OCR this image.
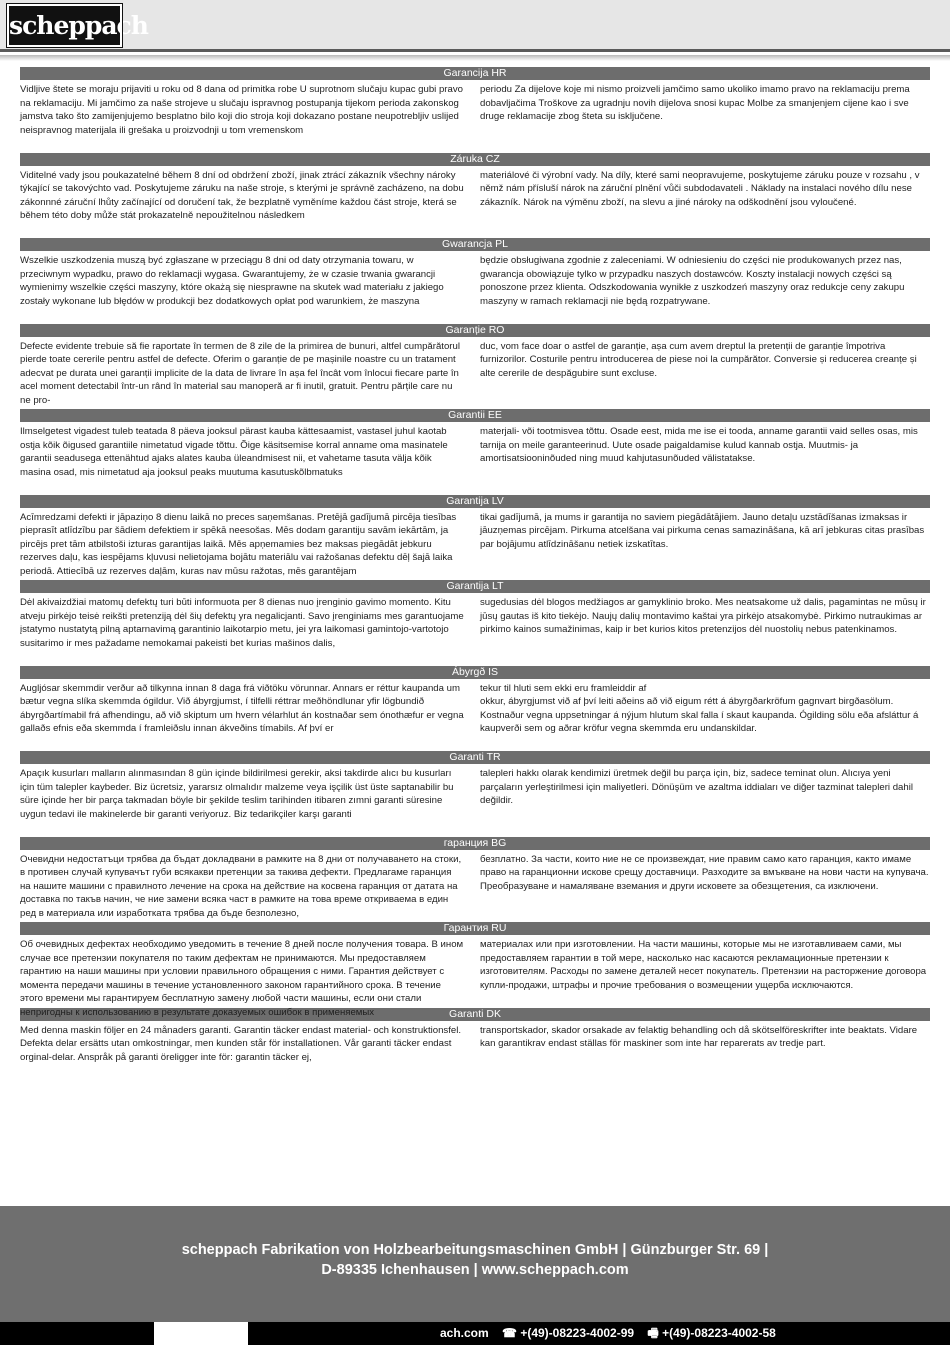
scheppach
Garancija HR

Vidljive štete se moraju prijaviti u roku od 8 dana od primitka robe U suprotnom slučaju kupac gubi pravo na reklamaciju. Mi jamčimo za naše strojeve u slučaju ispravnog postupanja tijekom perioda zakonskog jamstva tako što zamijenjujemo besplatno bilo koji dio stroja koji dokazano postane neupotrebljiv uslijed neispravnog materijala ili grešaka u proizvodnji u tom vremenskom

periodu Za dijelove koje mi nismo proizveli jamčimo samo ukoliko imamo pravo na reklamaciju prema dobavljačima Troškove za ugradnju novih dijelova snosi kupac Molbe za smanjenjem cijene kao i sve druge reklamacije zbog šteta su isključene.

Záruka CZ

Viditelné vady jsou poukazatelné během 8 dní od obdržení zboží, jinak ztrácí zákazník všechny nároky týkající se takovýchto vad. Poskytujeme záruku na naše stroje, s kterými je správně zacházeno, na dobu zákonnné záruční lhůty začínající od doručení tak, že bezplatně vyměníme každou část stroje, která se během této doby může stát prokazatelně nepoužitelnou následkem

materiálové či výrobní vady. Na díly, které sami neopravujeme, poskytujeme záruku pouze v rozsahu , v němž nám přísluší nárok na záruční plnění vůči subdodavateli . Náklady na instalaci nového dílu nese zákazník. Nárok na výměnu zboží, na slevu a jiné nároky na odškodnění jsou vyloučené.

Gwarancja PL

Wszelkie uszkodzenia muszą być zgłaszane w przeciągu 8 dni od daty otrzymania towaru, w przeciwnym wypadku, prawo do reklamacji wygasa. Gwarantujemy, że w czasie trwania gwarancji wymienimy wszelkie części maszyny, które okażą się niesprawne na skutek wad materiału z jakiego zostały wykonane lub błędów w produkcji bez dodatkowych opłat pod warunkiem, że maszyna

będzie obsługiwana zgodnie z zaleceniami. W odniesieniu do części nie produkowanych przez nas, gwarancja obowiązuje tylko w przypadku naszych dostawców. Koszty instalacji nowych części są ponoszone przez klienta. Odszkodowania wynikłe z uszkodzeń maszyny oraz redukcje ceny zakupu maszyny w ramach reklamacji nie będą rozpatrywane.

Garanție RO

Defecte evidente trebuie să fie raportate în termen de 8 zile de la primirea de bunuri, altfel cumpărătorul pierde toate cererile pentru astfel de defecte. Oferim o garanție de pe mașinile noastre cu un tratament adecvat pe durata unei garanții implicite de la data de livrare în așa fel încât vom înlocui fiecare parte în acel moment detectabil într-un rând în material sau manoperă ar fi inutil, gratuit. Pentru părțile care nu ne pro-

duc, vom face doar o astfel de garanție, așa cum avem dreptul la pretenții de garanție împotriva furnizorilor. Costurile pentru introducerea de piese noi la cumpărător. Conversie și reducerea creanțe și alte cererile de despăgubire sunt excluse.

Garantii EE

Ilmselgetest vigadest tuleb teatada 8 päeva jooksul pärast kauba kättesaamist, vastasel juhul kaotab ostja kõik õigused garantiile nimetatud vigade tõttu. Õige käsitsemise korral anname oma masinatele garantii seadusega ettenähtud ajaks alates kauba üleandmisest nii, et vahetame tasuta välja kõik masina osad, mis nimetatud aja jooksul peaks muutuma kasutuskõlbmatuks

materjali- või tootmisvea tõttu. Osade eest, mida me ise ei tooda, anname garantii vaid selles osas, mis tarnija on meile garanteerinud. Uute osade paigaldamise kulud kannab ostja. Muutmis- ja amortisatsiooninõuded ning muud kahjutasunõuded välistatakse.

Garantija LV

Acīmredzami defekti ir jāpaziņo 8 dienu laikā no preces saņemšanas. Pretējā gadījumā pircēja tiesības pieprasīt atlīdzību par šādiem defektiem ir spēkā neesošas. Mēs dodam garantiju savām iekārtām, ja pircējs pret tām atbilstoši izturas garantijas laikā. Mēs apņemamies bez maksas piegādāt jebkuru rezerves daļu, kas iespējams kļuvusi nelietojama bojātu materiālu vai ražošanas defektu dēļ šajā laika periodā. Attiecībā uz rezerves daļām, kuras nav mūsu ražotas, mēs garantējam

tikai gadījumā, ja mums ir garantija no saviem piegādātājiem. Jauno detaļu uzstādīšanas izmaksas ir jāuzņemas pircējam. Pirkuma atcelšana vai pirkuma cenas samazināšana, kā arī jebkuras citas prasības par bojājumu atlīdzināšanu netiek izskatītas.

Garantija LT

Dėl akivaizdžiai matomų defektų turi būti informuota per 8 dienas nuo įrenginio gavimo momento. Kitu atveju pirkėjo teisė reikšti pretenziją dėl šių defektų yra negalicjanti. Savo įrenginiams mes garantuojame įstatymo nustatytą pilną aptarnavimą garantinio laikotarpio metu, jei yra laikomasi gamintojo-vartotojo susitarimo ir mes pažadame nemokamai pakeisti bet kurias mašinos dalis,

sugedusias dėl blogos medžiagos ar gamyklinio broko. Mes neatsakome už dalis, pagamintas ne mūsų ir jūsų gautas iš kito tiekėjo. Naujų dalių montavimo kaštai yra pirkėjo atsakomybė. Pirkimo nutraukimas ar pirkimo kainos sumažinimas, kaip ir bet kurios kitos pretenzijos dėl nuostolių nebus patenkinamos.

Ábyrgð IS

Augljósar skemmdir verður að tilkynna innan 8 daga frá viðtöku vörunnar. Annars er réttur kaupanda um bætur vegna slíka skemmda ógildur. Við ábyrgjumst, í tilfelli réttrar meðhöndlunar yfir lögbundið ábyrgðartímabil frá afhendingu, að við skiptum um hvern vélarhlut án kostnaðar sem ónothæfur er vegna gallaðs efnis eða skemmda í framleiðslu innan ákveðins tímabils. Af því er

tekur til hluti sem ekki eru framleiddir af

okkur, ábyrgjumst við af því leiti aðeins að við eigum rétt á ábyrgðarkröfum gagnvart birgðasölum. Kostnaður vegna uppsetningar á nýjum hlutum skal falla í skaut kaupanda. Ógilding sölu eða afsláttur á kaupverði sem og aðrar kröfur vegna skemmda eru undanskildar.

Garanti TR

Apaçık kusurları malların alınmasından 8 gün içinde bildirilmesi gerekir, aksi takdirde alıcı bu kusurları için tüm talepler kaybeder. Biz ücretsiz, yararsız olmalıdır malzeme veya işçilik üst üste saptanabilir bu süre içinde her bir parça takmadan böyle bir şekilde teslim tarihinden itibaren zımni garanti süresine uygun tedavi ile makinelerde bir garanti veriyoruz. Biz tedarikçiler karşı garanti

talepleri hakkı olarak kendimizi üretmek değil bu parça için, biz, sadece teminat olun. Alıcıya yeni parçaların yerleştirilmesi için maliyetleri. Dönüşüm ve azaltma iddiaları ve diğer tazminat talepleri dahil değildir.

гаранция BG

Очевидни недостатъци трябва да бъдат докладвани в рамките на 8 дни от получаването на стоки, в противен случай купувачът губи всякакви претенции за такива дефекти. Предлагаме гаранция на нашите машини с правилното лечение на срока на действие на косвена гаранция от датата на доставка по такъв начин, че ние замени всяка част в рамките на това време откриваема в един ред в материала или изработката трябва да бъде безполезно,

безплатно. За части, които ние не се произвеждат, ние правим само като гаранция, както имаме право на гаранционни искове срещу доставчици. Разходите за вмъкване на нови части на купувача. Преобразуване и намаляване вземания и други исковете за обезщетения, са изключени.

Гарантия RU

Об очевидных дефектах необходимо уведомить в течение 8 дней после получения товара. В ином случае все претензии покупателя по таким дефектам не принимаются. Мы предоставляем гарантию на наши машины при условии правильного обращения с ними. Гарантия действует с момента передачи машины в течение установленного законом гарантийного срока. В течение этого времени мы гарантируем бесплатную замену любой части машины, если они стали непригодны к использованию в результате доказуемых ошибок в применяемых

материалах или при изготовлении. На части машины, которые мы не изготавливаем сами, мы предоставляем гарантии в той мере, насколько нас касаются рекламационные претензии к изготовителям. Расходы по замене деталей несет покупатель. Претензии на расторжение договора купли-продажи, штрафы и прочие требования о возмещении ущерба исключаются.

Garanti DK

Med denna maskin följer en 24 månaders garanti. Garantin täcker endast material- och konstruktionsfel. Defekta delar ersätts utan omkostningar, men kunden står för installationen. Vår garanti täcker endast orginal-delar. Anspråk på garanti öreligger inte för: garantin täcker ej,

transportskador, skador orsakade av felaktig behandling och då skötselföreskrifter inte beaktats. Vidare kan garantikrav endast ställas för maskiner som inte har reparerats av tredje part.

scheppach Fabrikation von Holzbearbeitungsmaschinen GmbH | Günzburger Str. 69 |
D-89335 Ichenhausen | www.scheppach.com
ach.com ☎ +(49)-08223-4002-99 🖷 +(49)-08223-4002-58
